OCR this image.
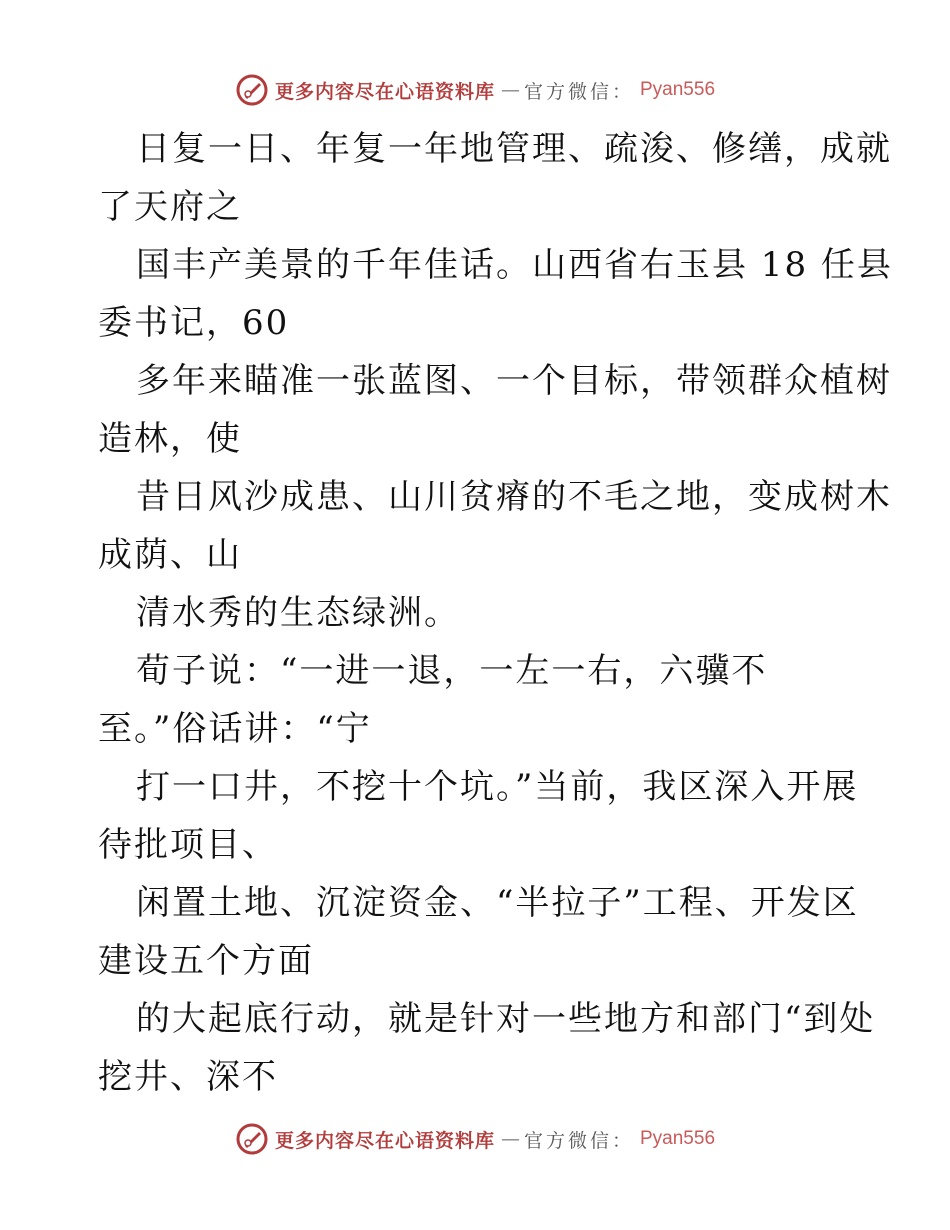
更多内容尽在心语资料库 — 官方微信： Pyan556
日复一日、年复一年地管理、疏浚、修缮，成就
了天府之
国丰产美景的千年佳话。山西省右玉县 18 任县
委书记，60
多年来瞄准一张蓝图、一个目标，带领群众植树
造林，使
昔日风沙成患、山川贫瘠的不毛之地，变成树木
成荫、山
清水秀的生态绿洲。
荀子说：“一进一退，一左一右，六骥不
至。”俗话讲：“宁
打一口井，不挖十个坑。”当前，我区深入开展
待批项目、
闲置土地、沉淀资金、“半拉子”工程、开发区
建设五个方面
的大起底行动，就是针对一些地方和部门“到处
挖井、深不
更多内容尽在心语资料库 — 官方微信： Pyan556
